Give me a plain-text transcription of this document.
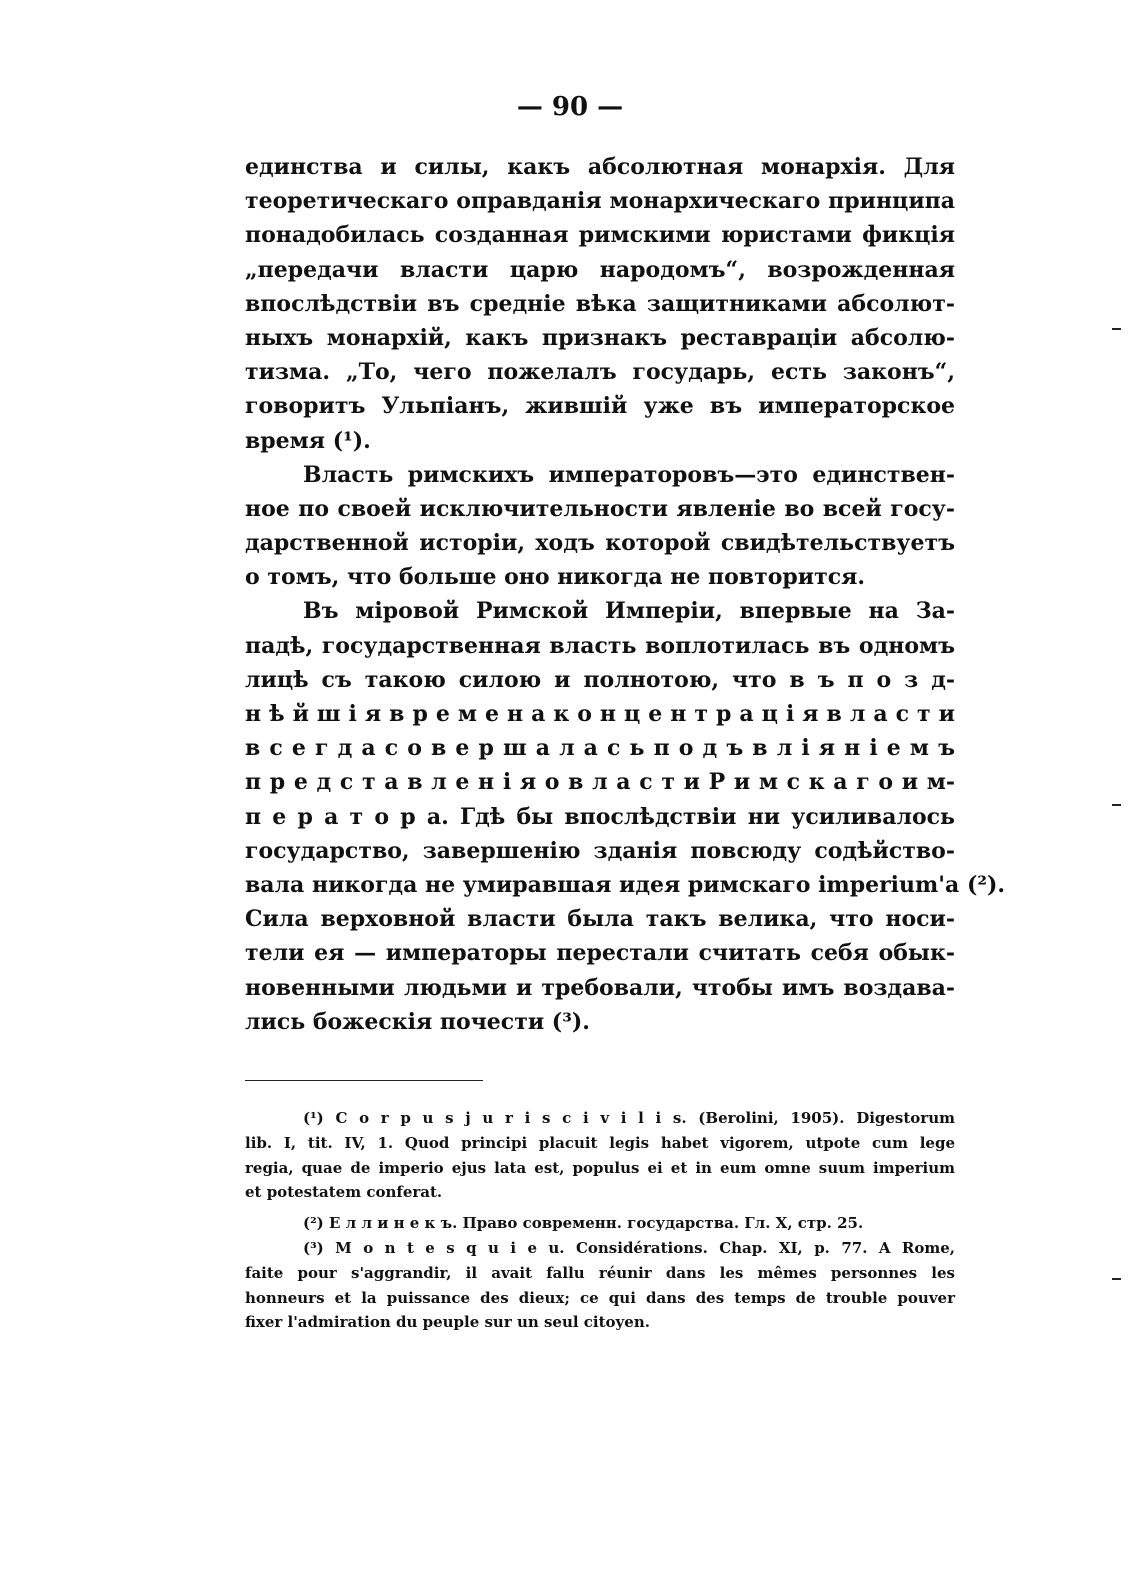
— 90 —
единства и силы, какъ абсолютная монархія. Для
теоретическаго оправданія монархическаго принципа
понадобилась созданная римскими юристами фикція
„передачи власти царю народомъ“, возрожденная
впослѣдствіи въ средніе вѣка защитниками абсолют-
ныхъ монархій, какъ признакъ реставраціи абсолю-
тизма. „То, чего пожелалъ государь, есть законъ“,
говоритъ Ульпіанъ, жившій уже въ императорское
время (¹).
Власть римскихъ императоровъ—это единствен-
ное по своей исключительности явленіе во всей госу-
дарственной исторіи, ходъ которой свидѣтельствуетъ
о томъ, что больше оно никогда не повторится.
Въ міровой Римской Имперіи, впервые на За-
падѣ, государственная власть воплотилась въ одномъ
лицѣ съ такою силою и полнотою, что в ъ п о з д-
н ѣ й ш і я в р е м е н а к о н ц е н т р а ц і я в л а с т и
в с е г д а с о в е р ш а л а с ь п о д ъ в л і я н і е м ъ
п р е д с т а в л е н і я о в л а с т и Р и м с к а г о и м-
п е р а т о р а. Гдѣ бы впослѣдствіи ни усиливалось
государство, завершенію зданія повсюду содѣйство-
вала никогда не умиравшая идея римскаго imperium'а (²).
Сила верховной власти была такъ велика, что носи-
тели ея — императоры перестали считать себя обык-
новенными людьми и требовали, чтобы имъ воздава-
лись божескія почести (³).
(¹) C o r p u s j u r i s c i v i l i s. (Berolini, 1905). Digestorum
lib. I, tit. IV, 1. Quod principi placuit legis habet vigorem, utpote cum lege
regia, quae de imperio ejus lata est, populus ei et in eum omne suum imperium
et potestatem conferat.
(²) Е л л и н е к ъ. Право современн. государства. Гл. X, стр. 25.
(³) M o n t e s q u i e u. Considérations. Chap. XI, p. 77. A Rome,
faite pour s'aggrandir, il avait fallu réunir dans les mêmes personnes les
honneurs et la puissance des dieux; ce qui dans des temps de trouble pouver
fixer l'admiration du peuple sur un seul citoyen.
